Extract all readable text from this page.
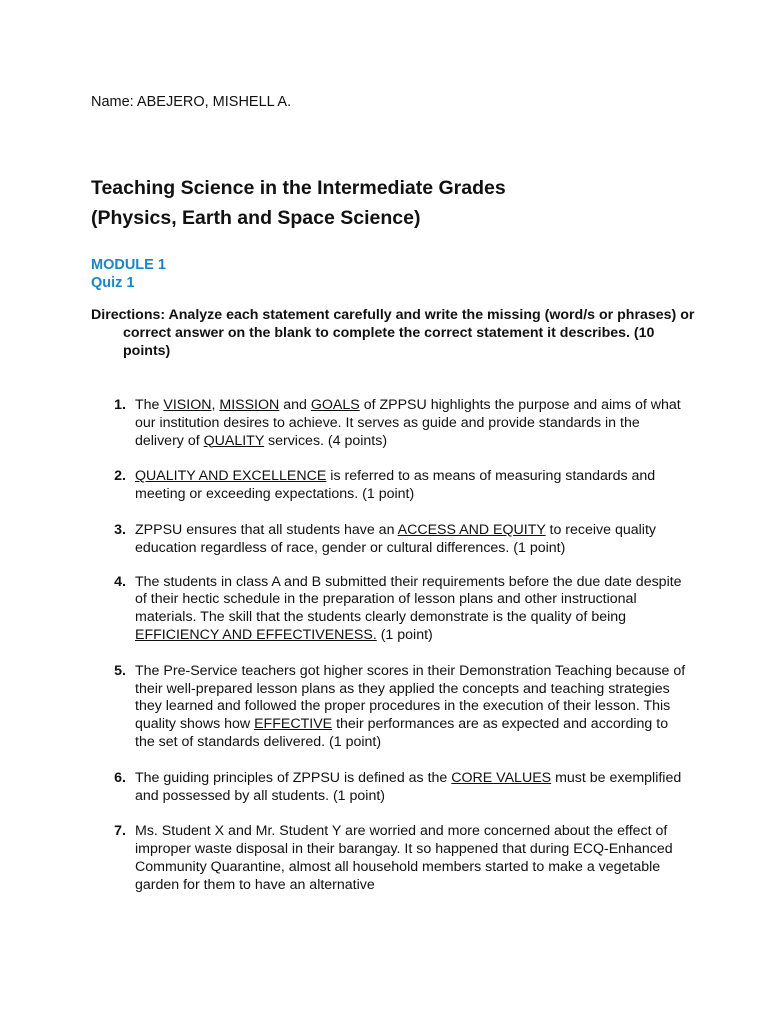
Name: ABEJERO, MISHELL A.
Teaching Science in the Intermediate Grades
(Physics, Earth and Space Science)
MODULE 1
Quiz 1
Directions: Analyze each statement carefully and write the missing (word/s or phrases) or
correct answer on the blank to complete the correct statement it describes. (10 points)
1. The VISION, MISSION and GOALS of ZPPSU highlights the purpose and aims of what our institution desires to achieve. It serves as guide and provide standards in the delivery of QUALITY services. (4 points)
2. QUALITY AND EXCELLENCE is referred to as means of measuring standards and meeting or exceeding expectations. (1 point)
3. ZPPSU ensures that all students have an ACCESS AND EQUITY to receive quality education regardless of race, gender or cultural differences. (1 point)
4. The students in class A and B submitted their requirements before the due date despite of their hectic schedule in the preparation of lesson plans and other instructional materials. The skill that the students clearly demonstrate is the quality of being EFFICIENCY AND EFFECTIVENESS. (1 point)
5. The Pre-Service teachers got higher scores in their Demonstration Teaching because of their well-prepared lesson plans as they applied the concepts and teaching strategies they learned and followed the proper procedures in the execution of their lesson. This quality shows how EFFECTIVE their performances are as expected and according to the set of standards delivered. (1 point)
6. The guiding principles of ZPPSU is defined as the CORE VALUES must be exemplified and possessed by all students. (1 point)
7. Ms. Student X and Mr. Student Y are worried and more concerned about the effect of improper waste disposal in their barangay. It so happened that during ECQ-Enhanced Community Quarantine, almost all household members started to make a vegetable garden for them to have an alternative
